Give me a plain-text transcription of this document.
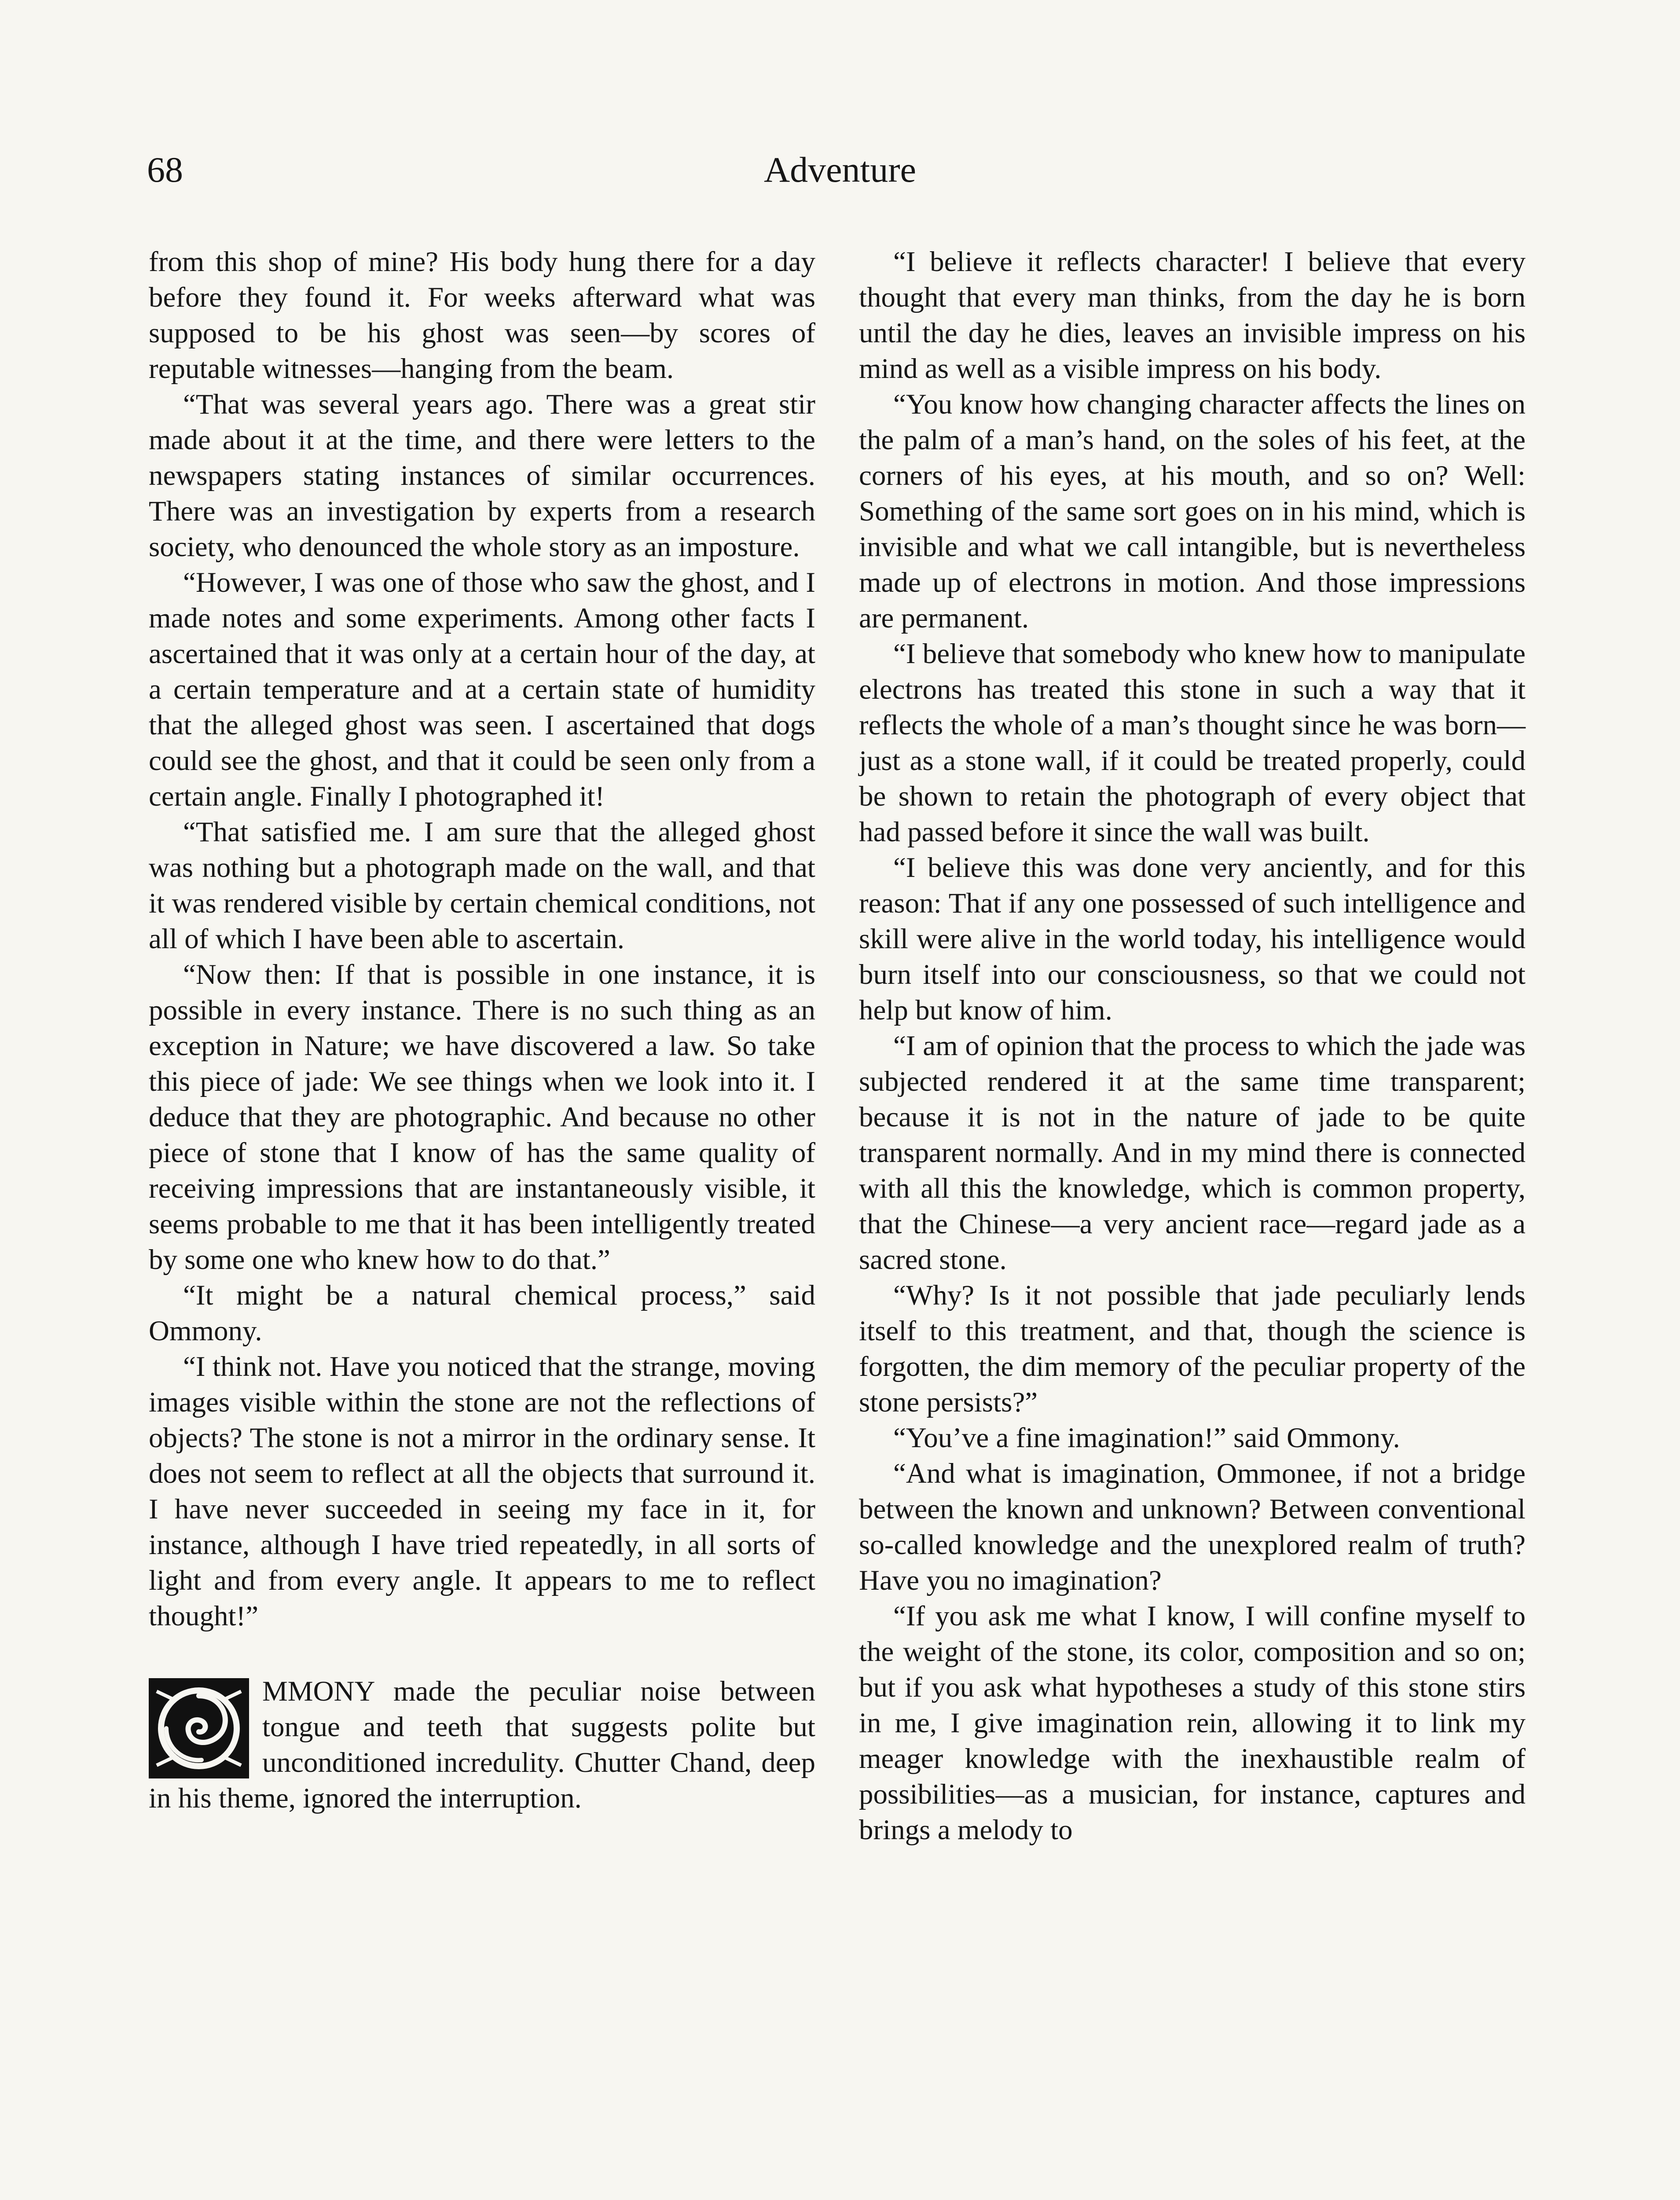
68	Adventure

from this shop of mine? His body hung there for a day before they found it. For weeks afterward what was supposed to be his ghost was seen—by scores of reputable witnesses—hanging from the beam.

“That was several years ago. There was a great stir made about it at the time, and there were letters to the newspapers stating instances of similar occurrences. There was an investigation by experts from a research society, who denounced the whole story as an imposture.

“However, I was one of those who saw the ghost, and I made notes and some experiments. Among other facts I ascertained that it was only at a certain hour of the day, at a certain temperature and at a certain state of humidity that the alleged ghost was seen. I ascertained that dogs could see the ghost, and that it could be seen only from a certain angle. Finally I photographed it!

“That satisfied me. I am sure that the alleged ghost was nothing but a photograph made on the wall, and that it was rendered visible by certain chemical conditions, not all of which I have been able to ascertain.

“Now then: If that is possible in one instance, it is possible in every instance. There is no such thing as an exception in Nature; we have discovered a law. So take this piece of jade: We see things when we look into it. I deduce that they are photographic. And because no other piece of stone that I know of has the same quality of receiving impressions that are instantaneously visible, it seems probable to me that it has been intelligently treated by some one who knew how to do that.”

“It might be a natural chemical process,” said Ommony.

“I think not. Have you noticed that the strange, moving images visible within the stone are not the reflections of objects? The stone is not a mirror in the ordinary sense. It does not seem to reflect at all the objects that surround it. I have never succeeded in seeing my face in it, for instance, although I have tried repeatedly, in all sorts of light and from every angle. It appears to me to reflect thought!”

MMONY made the peculiar noise between tongue and teeth that suggests polite but unconditioned incredulity. Chutter Chand, deep in his theme, ignored the interruption.

“I believe it reflects character! I believe that every thought that every man thinks, from the day he is born until the day he dies, leaves an invisible impress on his mind as well as a visible impress on his body.

“You know how changing character affects the lines on the palm of a man’s hand, on the soles of his feet, at the corners of his eyes, at his mouth, and so on? Well: Something of the same sort goes on in his mind, which is invisible and what we call intangible, but is nevertheless made up of electrons in motion. And those impressions are permanent.

“I believe that somebody who knew how to manipulate electrons has treated this stone in such a way that it reflects the whole of a man’s thought since he was born—just as a stone wall, if it could be treated properly, could be shown to retain the photograph of every object that had passed before it since the wall was built.

“I believe this was done very anciently, and for this reason: That if any one possessed of such intelligence and skill were alive in the world today, his intelligence would burn itself into our consciousness, so that we could not help but know of him.

“I am of opinion that the process to which the jade was subjected rendered it at the same time transparent; because it is not in the nature of jade to be quite transparent normally. And in my mind there is connected with all this the knowledge, which is common property, that the Chinese—a very ancient race—regard jade as a sacred stone.

“Why? Is it not possible that jade peculiarly lends itself to this treatment, and that, though the science is forgotten, the dim memory of the peculiar property of the stone persists?”

“You’ve a fine imagination!” said Ommony.

“And what is imagination, Ommonee, if not a bridge between the known and unknown? Between conventional so-called knowledge and the unexplored realm of truth? Have you no imagination?

“If you ask me what I know, I will confine myself to the weight of the stone, its color, composition and so on; but if you ask what hypotheses a study of this stone stirs in me, I give imagination rein, allowing it to link my meager knowledge with the inexhaustible realm of possibilities—as a musician, for instance, captures and brings a melody to
